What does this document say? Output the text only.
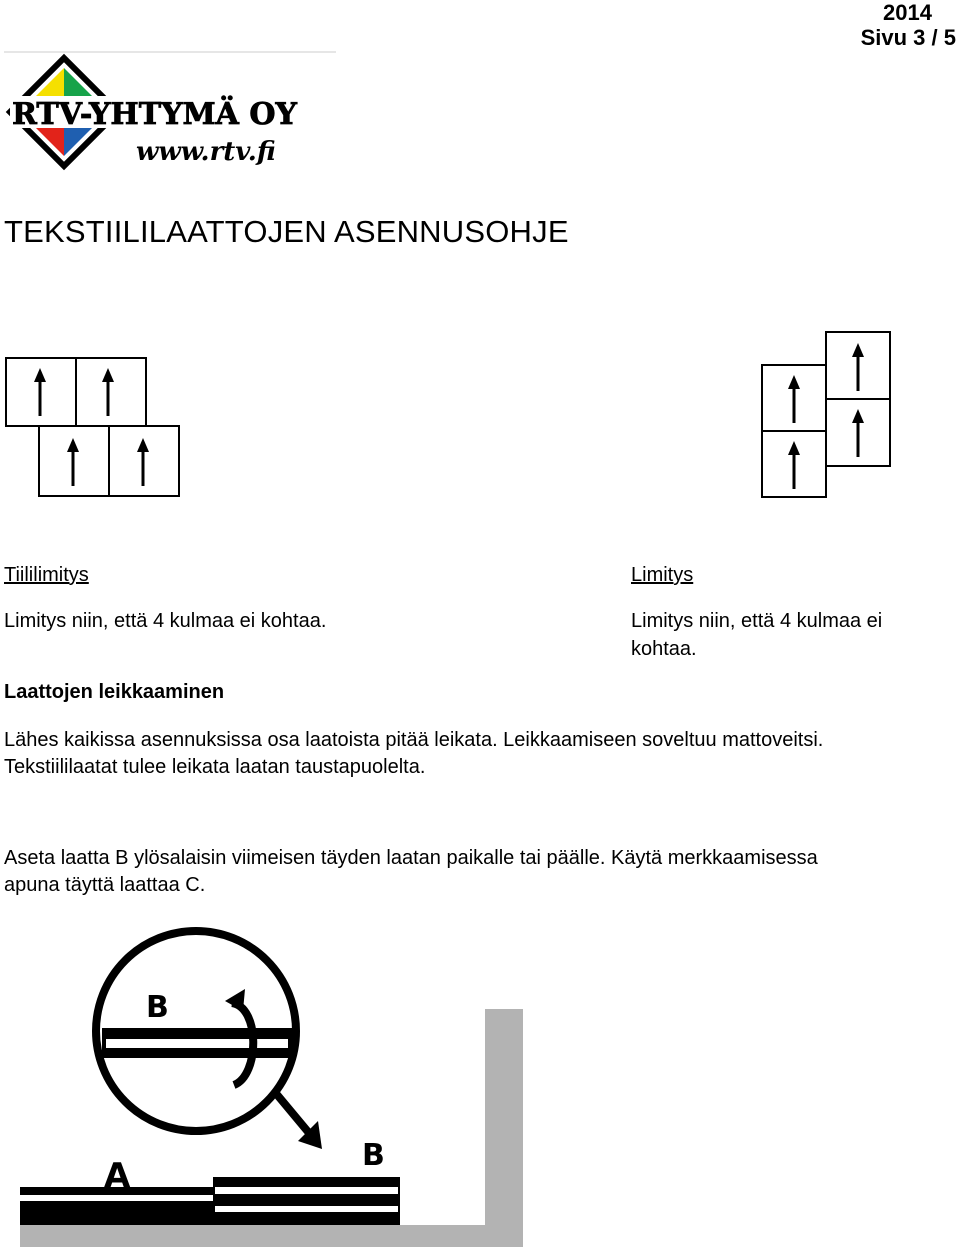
2014
Sivu 3 / 5
RTV-YHTYMÄ OY
www.rtv.fi
TEKSTIILILAATTOJEN ASENNUSOHJE
Tiililimitys
Limitys niin, että 4 kulmaa ei kohtaa.
Limitys
Limitys niin, että 4 kulmaa ei
kohtaa.
Laattojen leikkaaminen
Lähes kaikissa asennuksissa osa laatoista pitää leikata. Leikkaamiseen soveltuu mattoveitsi.
Tekstiililaatat tulee leikata laatan taustapuolelta.
Aseta laatta B ylösalaisin viimeisen täyden laatan paikalle tai päälle. Käytä merkkaamisessa
apuna täyttä laattaa C.
B
B
A
